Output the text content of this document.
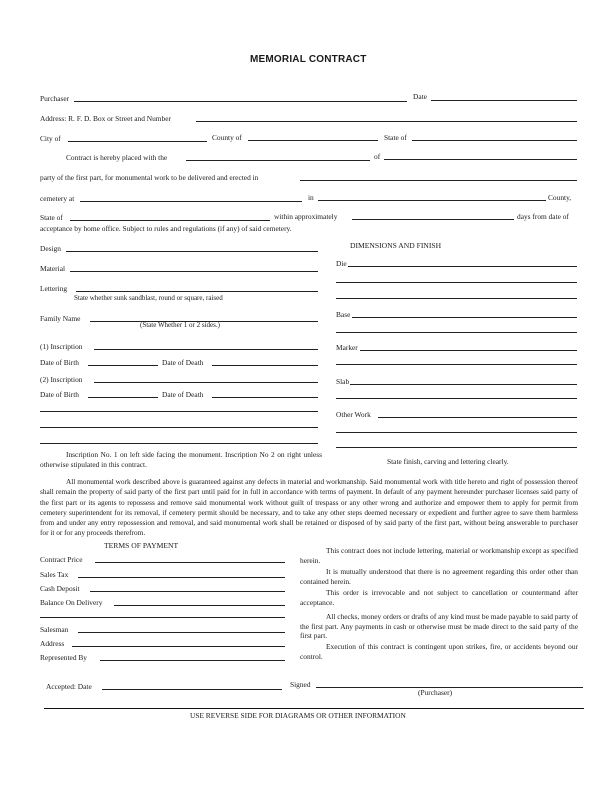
MEMORIAL CONTRACT
Purchaser	Date
Address: R. F. D. Box or Street and Number
City of	County of	State of
Contract is hereby placed with the	of
party of the first part, for monumental work to be delivered and erected in
cemetery at	in	County,
State of	within approximately	days from date of
acceptance by home office. Subject to rules and regulations (if any) of said cemetery.
Design
Material
Lettering
State whether sunk sandblast, round or square, raised
Family Name
(State Whether 1 or 2 sides.)
(1) Inscription
Date of Birth	Date of Death
(2) Inscription
Date of Birth	Date of Death
Inscription No. 1 on left side facing the monument. Inscription No 2 on right unless otherwise stipulated in this contract.
DIMENSIONS AND FINISH
Die
Base
Marker
Slab
Other Work
State finish, carving and lettering clearly.
All monumental work described above is guaranteed against any defects in material and workmanship. Said monumental work with title hereto and right of possession thereof shall remain the property of said party of the first part until paid for in full in accordance with terms of payment. In default of any payment hereunder purchaser licenses said party of the first part or its agents to repossess and remove said monumental work without guilt of trespass or any other wrong and authorize and empower them to apply for permit from cemetery superintendent for its removal, if cemetery permit should be necessary, and to take any other steps deemed necessary or expedient and further agree to save them harmless from and under any entry repossession and removal, and said monumental work shall be retained or disposed of by said party of the first part, without being answerable to purchaser for it or for any proceeds therefrom.
TERMS OF PAYMENT
Contract Price
Sales Tax
Cash Deposit
Balance On Delivery
Salesman
Address
Represented By
This contract does not include lettering, material or workmanship except as specified herein.
It is mutually understood that there is no agreement regarding this order other than contained herein.
This order is irrevocable and not subject to cancellation or countermand after acceptance.
All checks, money orders or drafts of any kind must be made payable to said party of the first part. Any payments in cash or otherwise must be made direct to the said party of the first part.
Execution of this contract is contingent upon strikes, fire, or accidents beyond our control.
Accepted: Date	Signed
(Purchaser)
USE REVERSE SIDE FOR DIAGRAMS OR OTHER INFORMATION
